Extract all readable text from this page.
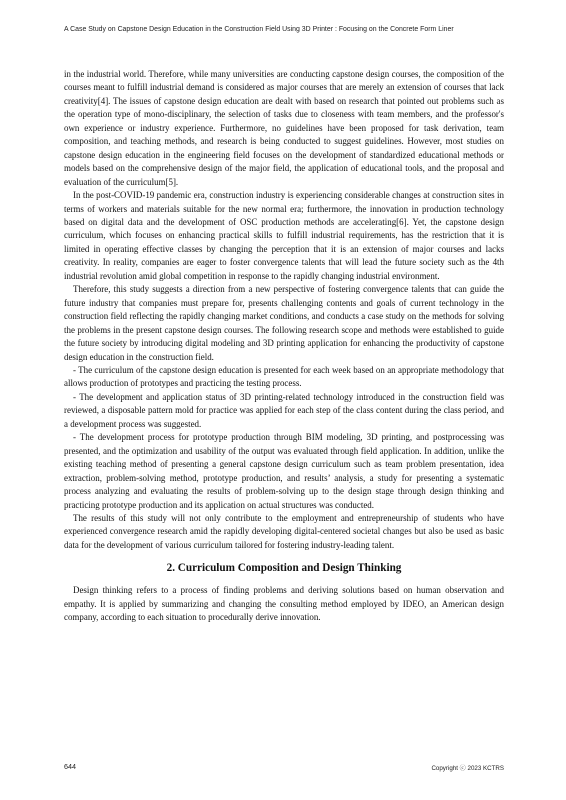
A Case Study on Capstone Design Education in the Construction Field Using 3D Printer : Focusing on the Concrete Form Liner

in the industrial world. Therefore, while many universities are conducting capstone design courses, the composition of the courses meant to fulfill industrial demand is considered as major courses that are merely an extension of courses that lack creativity[4]. The issues of capstone design education are dealt with based on research that pointed out problems such as the operation type of mono-disciplinary, the selection of tasks due to closeness with team members, and the professor's own experience or industry experience. Furthermore, no guidelines have been proposed for task derivation, team composition, and teaching methods, and research is being conducted to suggest guidelines. However, most studies on capstone design education in the engineering field focuses on the development of standardized educational methods or models based on the comprehensive design of the major field, the application of educational tools, and the proposal and evaluation of the curriculum[5].

In the post-COVID-19 pandemic era, construction industry is experiencing considerable changes at construction sites in terms of workers and materials suitable for the new normal era; furthermore, the innovation in production technology based on digital data and the development of OSC production methods are accelerating[6]. Yet, the capstone design curriculum, which focuses on enhancing practical skills to fulfill industrial requirements, has the restriction that it is limited in operating effective classes by changing the perception that it is an extension of major courses and lacks creativity. In reality, companies are eager to foster convergence talents that will lead the future society such as the 4th industrial revolution amid global competition in response to the rapidly changing industrial environment.

Therefore, this study suggests a direction from a new perspective of fostering convergence talents that can guide the future industry that companies must prepare for, presents challenging contents and goals of current technology in the construction field reflecting the rapidly changing market conditions, and conducts a case study on the methods for solving the problems in the present capstone design courses. The following research scope and methods were established to guide the future society by introducing digital modeling and 3D printing application for enhancing the productivity of capstone design education in the construction field.

- The curriculum of the capstone design education is presented for each week based on an appropriate methodology that allows production of prototypes and practicing the testing process.

- The development and application status of 3D printing-related technology introduced in the construction field was reviewed, a disposable pattern mold for practice was applied for each step of the class content during the class period, and a development process was suggested.

- The development process for prototype production through BIM modeling, 3D printing, and postprocessing was presented, and the optimization and usability of the output was evaluated through field application. In addition, unlike the existing teaching method of presenting a general capstone design curriculum such as team problem presentation, idea extraction, problem-solving method, prototype production, and results’ analysis, a study for presenting a systematic process analyzing and evaluating the results of problem-solving up to the design stage through design thinking and practicing prototype production and its application on actual structures was conducted.

The results of this study will not only contribute to the employment and entrepreneurship of students who have experienced convergence research amid the rapidly developing digital-centered societal changes but also be used as basic data for the development of various curriculum tailored for fostering industry-leading talent.

2. Curriculum Composition and Design Thinking

Design thinking refers to a process of finding problems and deriving solutions based on human observation and empathy. It is applied by summarizing and changing the consulting method employed by IDEO, an American design company, according to each situation to procedurally derive innovation.

644	Copyright ⓒ 2023 KCTRS
